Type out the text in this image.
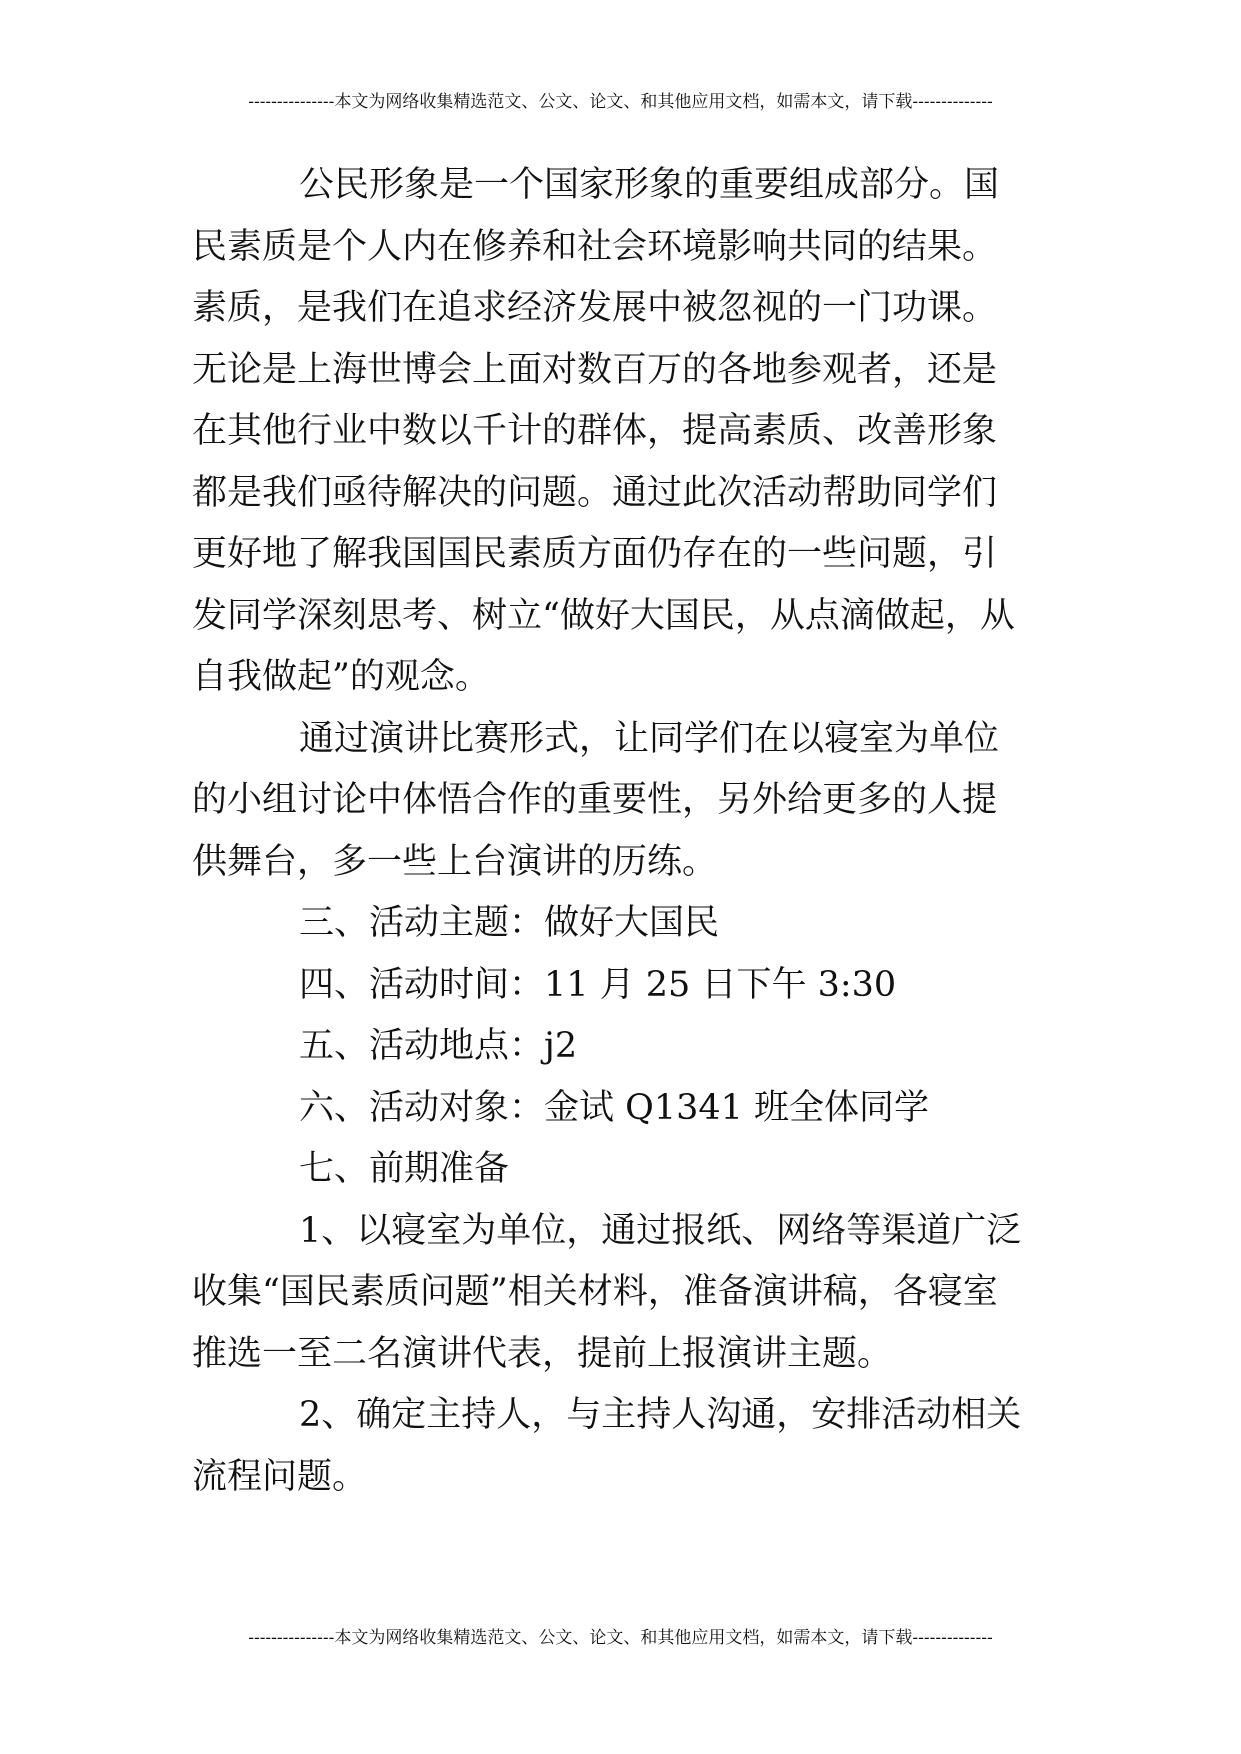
---------------本文为网络收集精选范文、公文、论文、和其他应用文档，如需本文，请下载--------------

公民形象是一个国家形象的重要组成部分。国
民素质是个人内在修养和社会环境影响共同的结果。
素质，是我们在追求经济发展中被忽视的一门功课。
无论是上海世博会上面对数百万的各地参观者，还是
在其他行业中数以千计的群体，提高素质、改善形象
都是我们亟待解决的问题。通过此次活动帮助同学们
更好地了解我国国民素质方面仍存在的一些问题，引
发同学深刻思考、树立“做好大国民，从点滴做起，从
自我做起”的观念。

通过演讲比赛形式，让同学们在以寝室为单位
的小组讨论中体悟合作的重要性，另外给更多的人提
供舞台，多一些上台演讲的历练。

三、活动主题：做好大国民

四、活动时间：11 月 25 日下午 3:30

五、活动地点：j2

六、活动对象：金试 Q1341 班全体同学

七、前期准备

1、以寝室为单位，通过报纸、网络等渠道广泛
收集“国民素质问题”相关材料，准备演讲稿，各寝室
推选一至二名演讲代表，提前上报演讲主题。

2、确定主持人，与主持人沟通，安排活动相关
流程问题。

---------------本文为网络收集精选范文、公文、论文、和其他应用文档，如需本文，请下载--------------
